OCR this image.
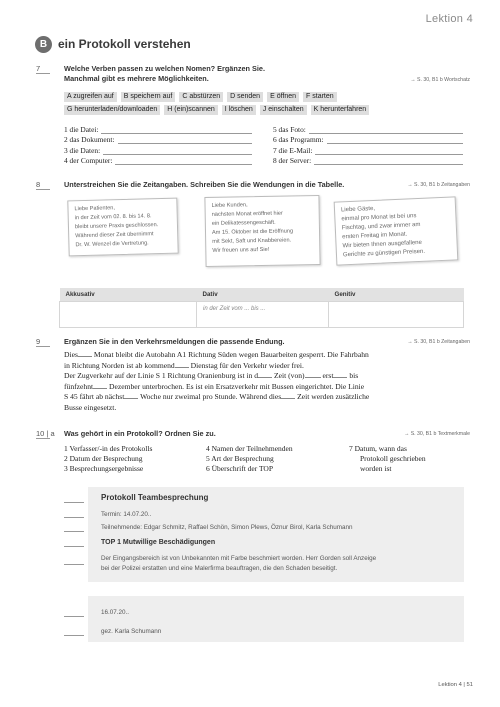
Lektion 4
B ein Protokoll verstehen
7	Welche Verben passen zu welchen Nomen? Ergänzen Sie.
Manchmal gibt es mehrere Möglichkeiten.	→ S. 30, B1 b Wortschatz
A zugreifen auf	B speichern auf	C abstürzen	D senden	E öffnen	F starten
G herunterladen/downloaden	H (ein)scannen	I löschen	J einschalten	K herunterfahren
1 die Datei:
2 das Dokument:
3 die Daten:
4 der Computer:
5 das Foto:
6 das Programm:
7 die E-Mail:
8 der Server:
8	Unterstreichen Sie die Zeitangaben. Schreiben Sie die Wendungen in die Tabelle.	→ S. 30, B1 b Zeitangaben
Liebe Patienten,
in der Zeit vom 02. 8. bis 14. 8.
bleibt unsere Praxis geschlossen.
Während dieser Zeit übernimmt
Dr. W. Wenzel die Vertretung.
Liebe Kunden,
nächsten Monat eröffnet hier
ein Delikatessengeschäft.
Am 15. Oktober ist die Eröffnung
mit Sekt, Saft und Knabbereien.
Wir freuen uns auf Sie!
Liebe Gäste,
einmal pro Monat ist bei uns
Fischtag, und zwar immer am
ersten Freitag im Monat.
Wir bieten Ihnen ausgefallene
Gerichte zu günstigen Preisen.
Akkusativ	Dativ	Genitiv
	in der Zeit vom ... bis ...	
9	Ergänzen Sie in den Verkehrsmeldungen die passende Endung.	→ S. 30, B1 b Zeitangaben
Dies Monat bleibt die Autobahn A1 Richtung Süden wegen Bauarbeiten gesperrt. Die Fahrbahn
in Richtung Norden ist ab kommend Dienstag für den Verkehr wieder frei.
Der Zugverkehr auf der Linie S 1 Richtung Oranienburg ist in d Zeit (von) erst bis
fünfzehnt Dezember unterbrochen. Es ist ein Ersatzverkehr mit Bussen eingerichtet. Die Linie
S 45 fährt ab nächst Woche nur zweimal pro Stunde. Während dies Zeit werden zusätzliche
Busse eingesetzt.
10 | a Was gehört in ein Protokoll? Ordnen Sie zu.	→ S. 30, B1 b Textmerkmale
1 Verfasser/-in des Protokolls
2 Datum der Besprechung
3 Besprechungsergebnisse
4 Namen der Teilnehmenden
5 Art der Besprechung
6 Überschrift der TOP
7 Datum, wann das
Protokoll geschrieben
worden ist
Protokoll Teambesprechung
Termin: 14.07.20..
Teilnehmende: Edgar Schmitz, Raffael Schön, Simon Plews, Öznur Birol, Karla Schumann
TOP 1 Mutwillige Beschädigungen
Der Eingangsbereich ist von Unbekannten mit Farbe beschmiert worden. Herr Gorden soll Anzeige
bei der Polizei erstatten und eine Malerfirma beauftragen, die den Schaden beseitigt.
16.07.20..
gez. Karla Schumann
Lektion 4 | 51
